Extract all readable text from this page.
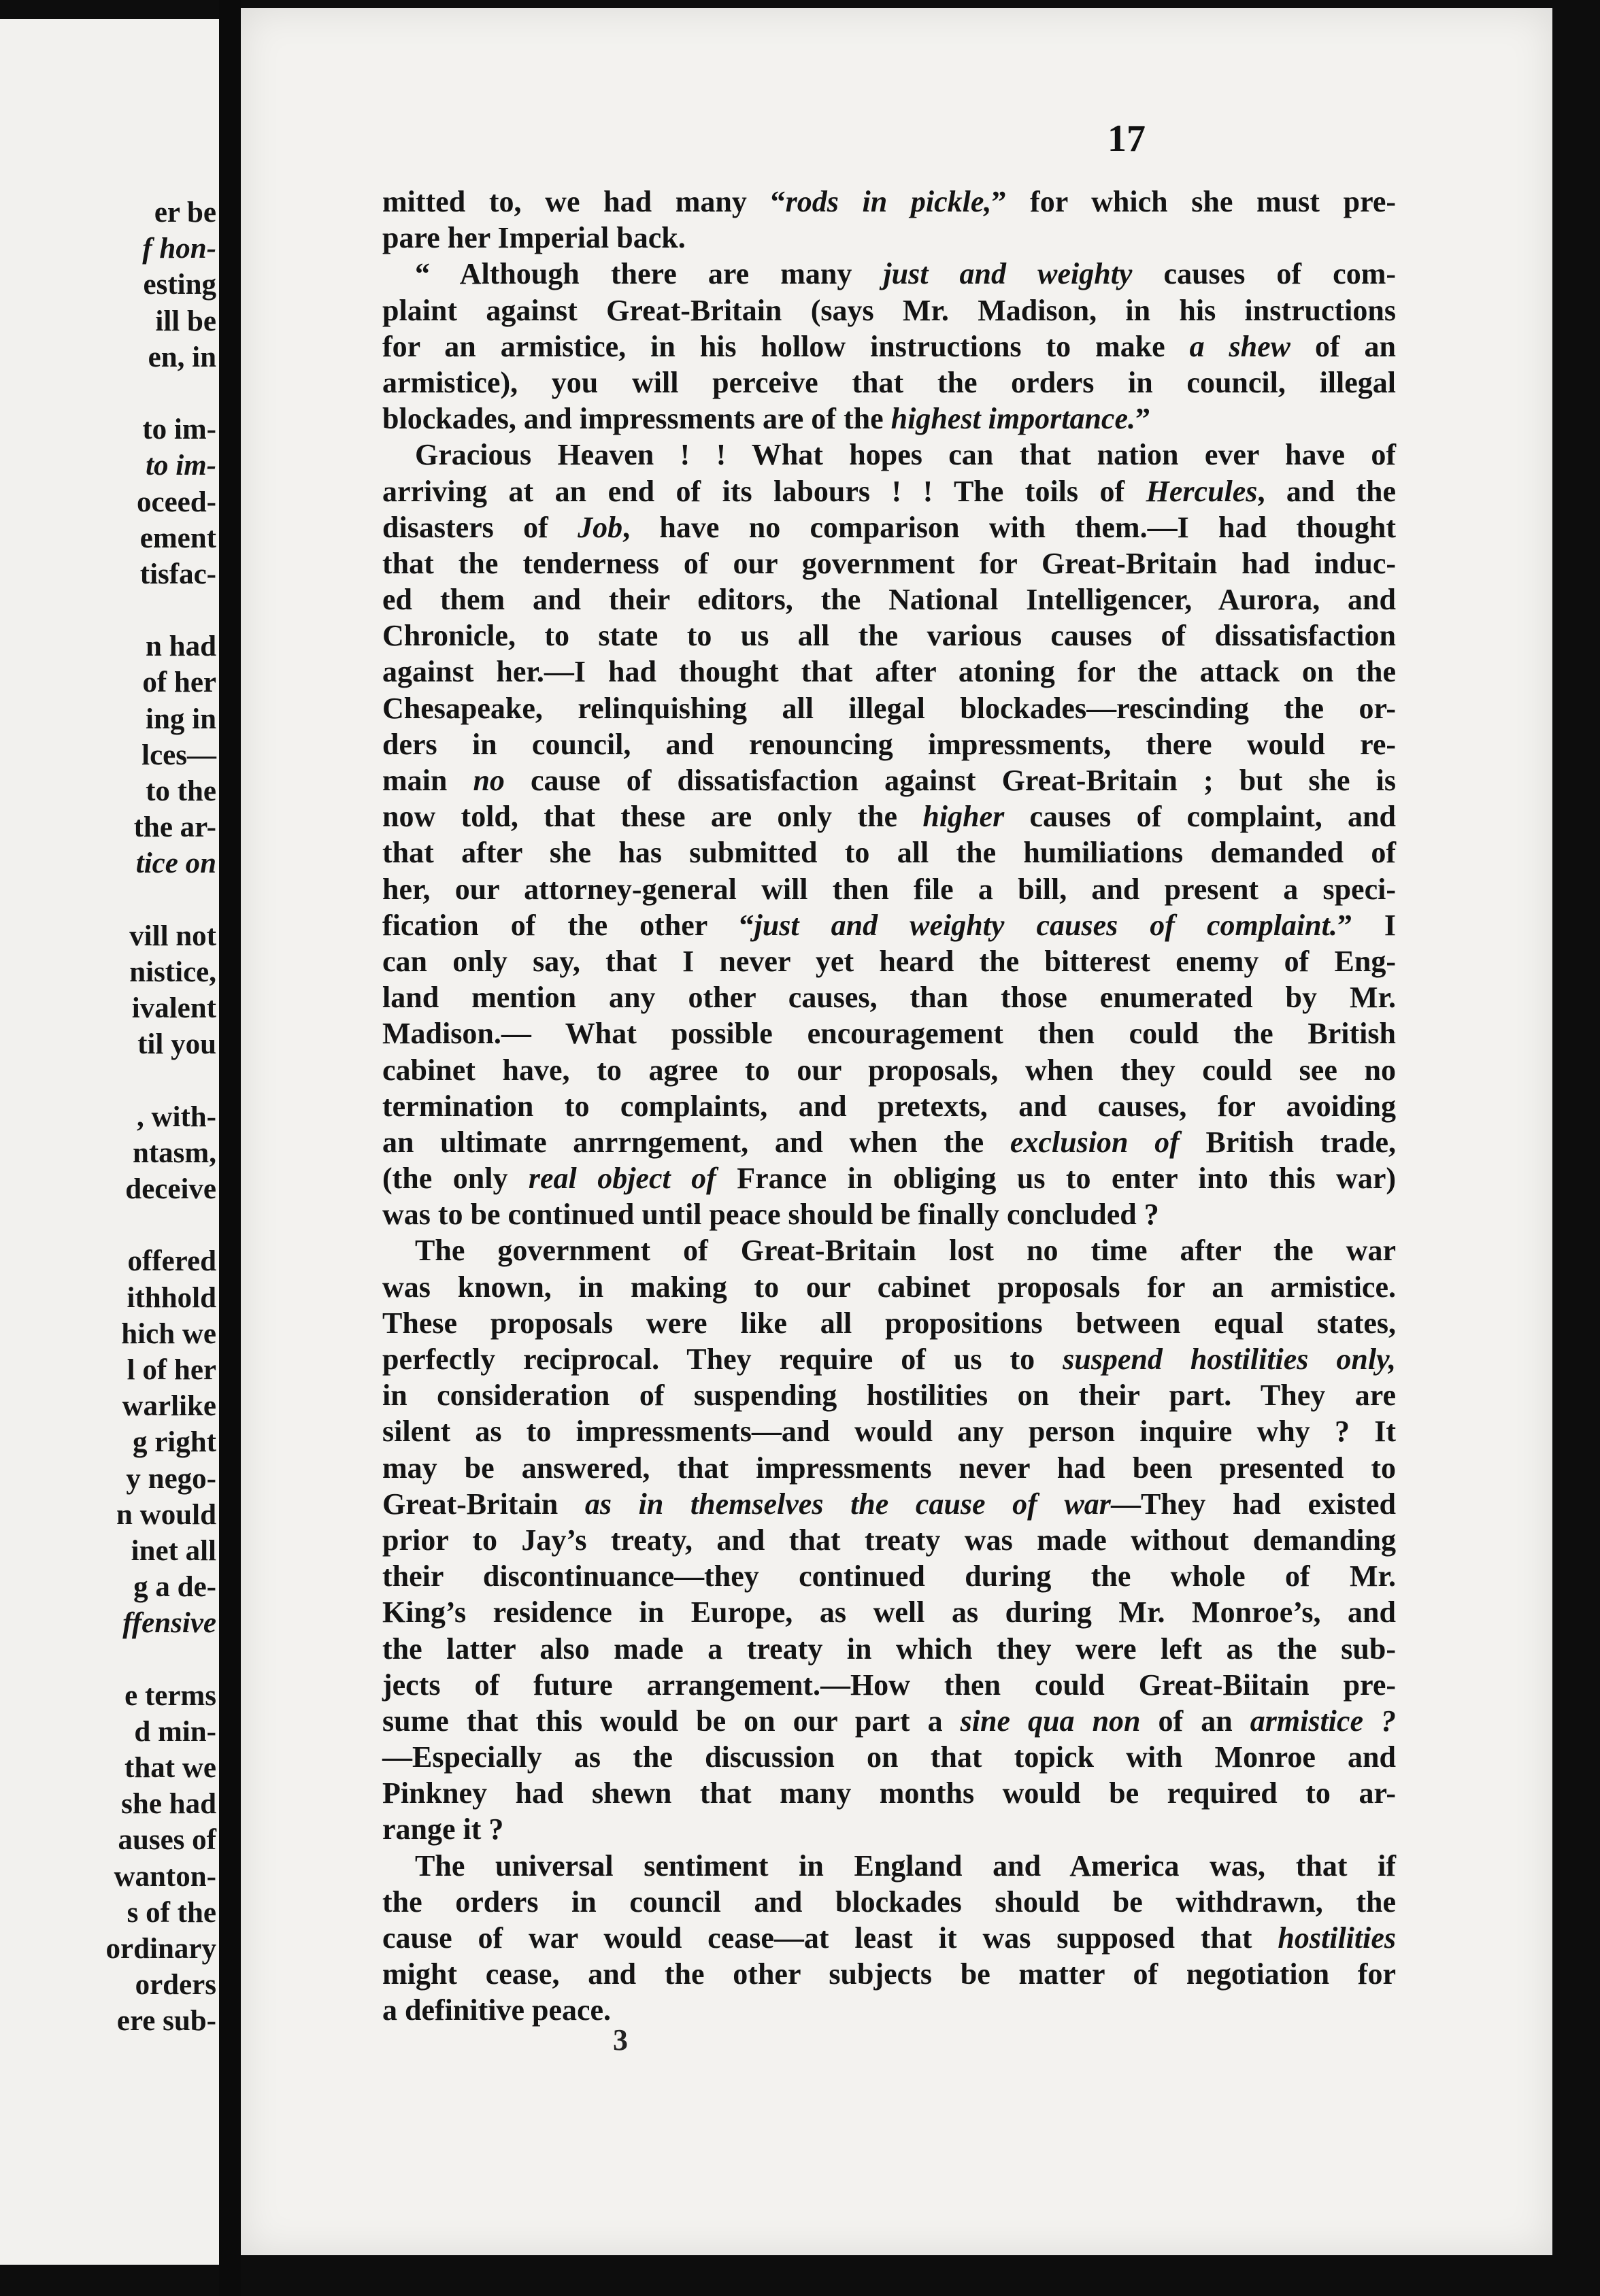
er be
f hon-
esting
ill be
en, in
to im-
to im-
oceed-
ement
tisfac-
n had
of her
ing in
lces—
to the
the ar-
tice on
vill not
nistice,
ivalent
til you
, with-
ntasm,
deceive
offered
ithhold
hich we
l of her
warlike
g right
y nego-
n would
inet all
g a de-
ffensive
e terms
d min-
that we
she had
auses of
wanton-
s of the
ordinary
orders
ere sub-
17
mitted to, we had many “rods in pickle,” for which she must pre-
pare her Imperial back.
“ Although there are many just and weighty causes of com-
plaint against Great-Britain (says Mr. Madison, in his instructions
for an armistice, in his hollow instructions to make a shew of an
armistice), you will perceive that the orders in council, illegal
blockades, and impressments are of the highest importance.”
Gracious Heaven ! ! What hopes can that nation ever have of
arriving at an end of its labours ! ! The toils of Hercules, and the
disasters of Job, have no comparison with them.—I had thought
that the tenderness of our government for Great-Britain had induc-
ed them and their editors, the National Intelligencer, Aurora, and
Chronicle, to state to us all the various causes of dissatisfaction
against her.—I had thought that after atoning for the attack on the
Chesapeake, relinquishing all illegal blockades—rescinding the or-
ders in council, and renouncing impressments, there would re-
main no cause of dissatisfaction against Great-Britain ; but she is
now told, that these are only the higher causes of complaint, and
that after she has submitted to all the humiliations demanded of
her, our attorney-general will then file a bill, and present a speci-
fication of the other “just and weighty causes of complaint.” I
can only say, that I never yet heard the bitterest enemy of Eng-
land mention any other causes, than those enumerated by Mr.
Madison.— What possible encouragement then could the British
cabinet have, to agree to our proposals, when they could see no
termination to complaints, and pretexts, and causes, for avoiding
an ultimate anrrngement, and when the exclusion of British trade,
(the only real object of France in obliging us to enter into this war)
was to be continued until peace should be finally concluded ?
The government of Great-Britain lost no time after the war
was known, in making to our cabinet proposals for an armistice.
These proposals were like all propositions between equal states,
perfectly reciprocal. They require of us to suspend hostilities only,
in consideration of suspending hostilities on their part. They are
silent as to impressments—and would any person inquire why ? It
may be answered, that impressments never had been presented to
Great-Britain as in themselves the cause of war—They had existed
prior to Jay’s treaty, and that treaty was made without demanding
their discontinuance—they continued during the whole of Mr.
King’s residence in Europe, as well as during Mr. Monroe’s, and
the latter also made a treaty in which they were left as the sub-
jects of future arrangement.—How then could Great-Biitain pre-
sume that this would be on our part a sine qua non of an armistice ?
—Especially as the discussion on that topick with Monroe and
Pinkney had shewn that many months would be required to ar-
range it ?
The universal sentiment in England and America was, that if
the orders in council and blockades should be withdrawn, the
cause of war would cease—at least it was supposed that hostilities
might cease, and the other subjects be matter of negotiation for
a definitive peace.
3
